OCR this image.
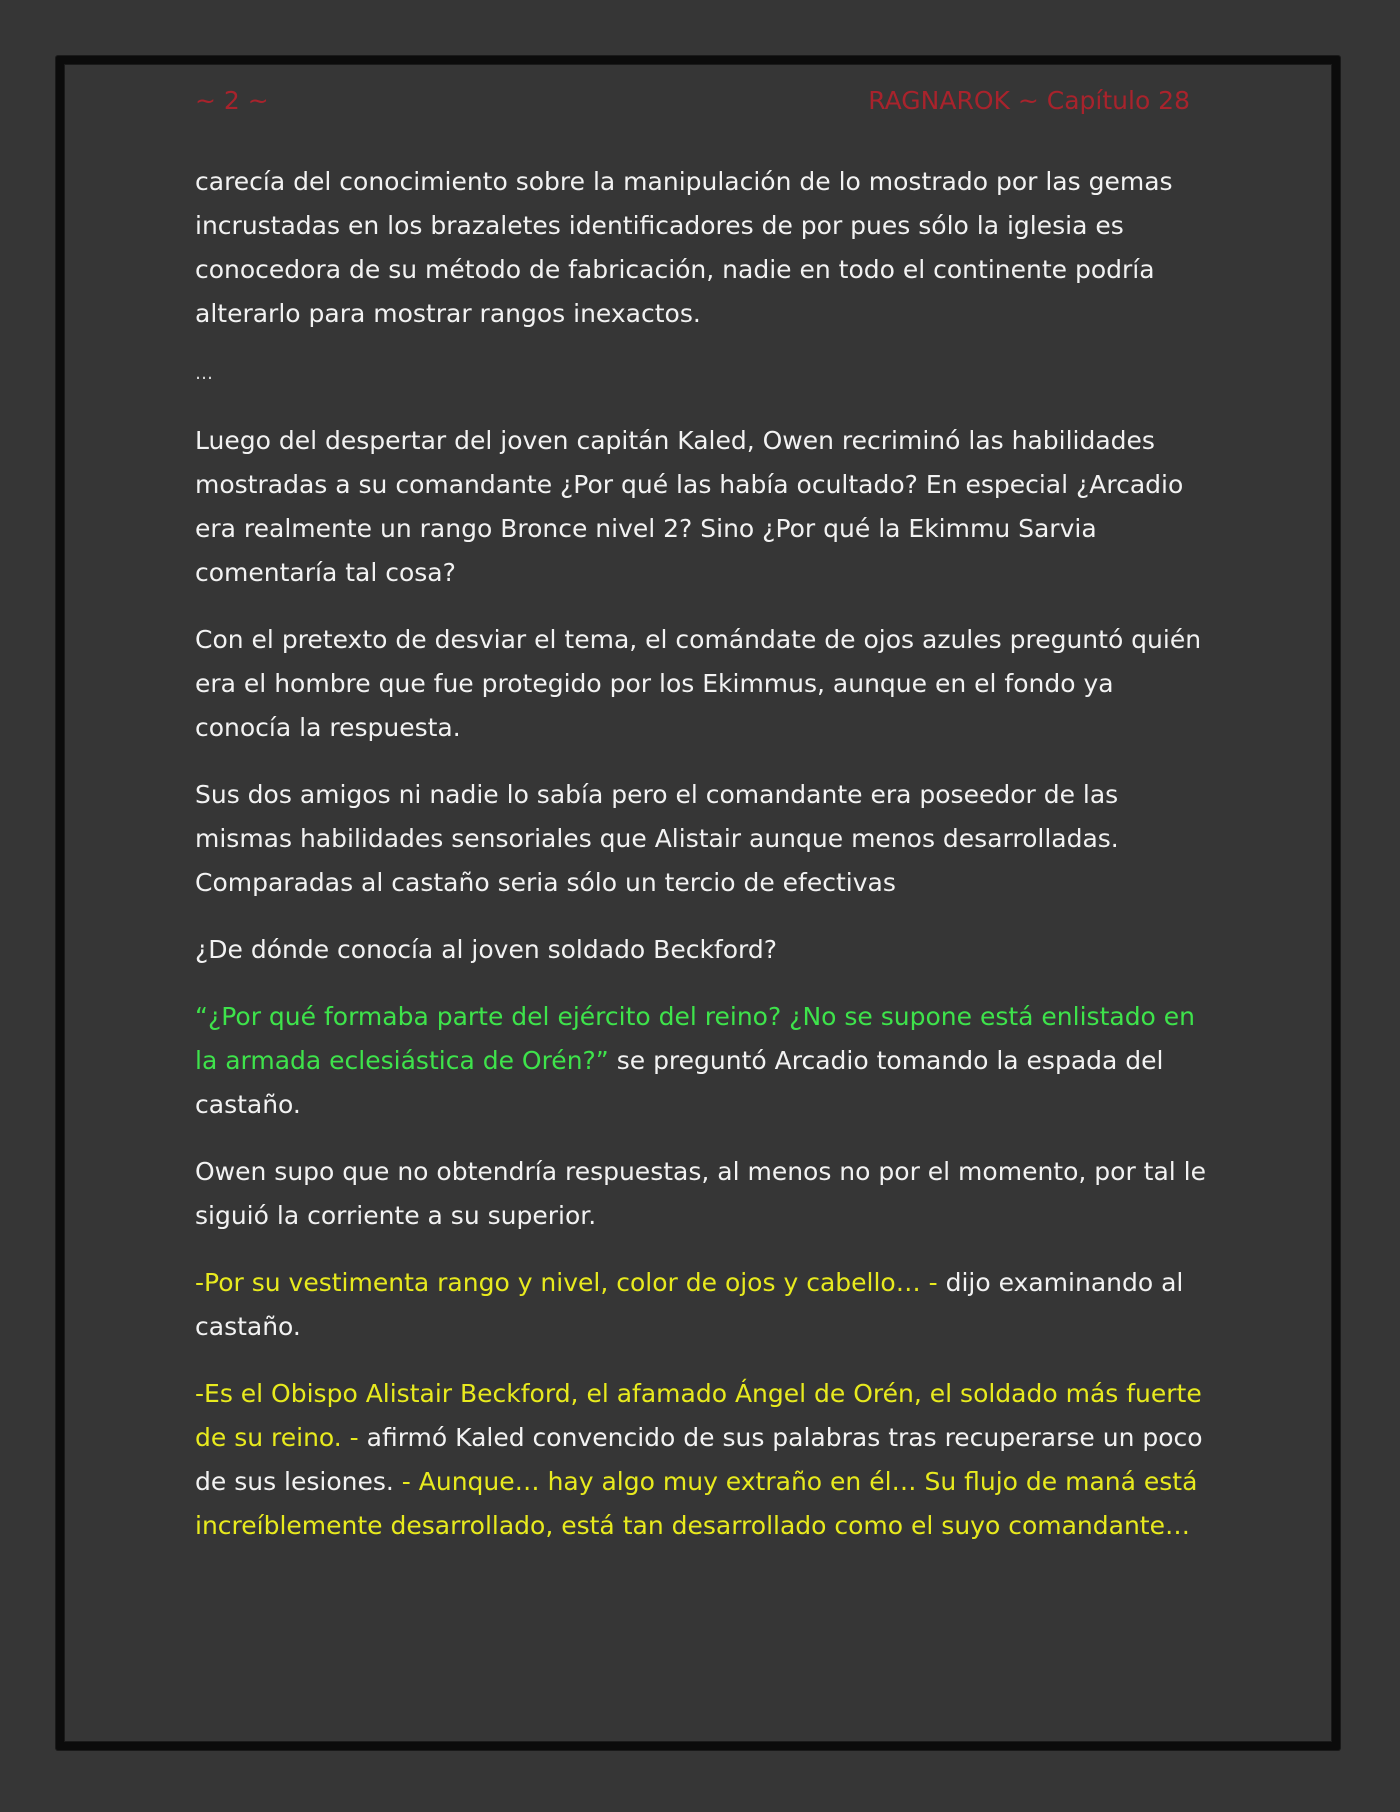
~ 2 ~	RAGNAROK ~ Capítulo 28

carecía del conocimiento sobre la manipulación de lo mostrado por las gemas incrustadas en los brazaletes identificadores de por pues sólo la iglesia es conocedora de su método de fabricación, nadie en todo el continente podría alterarlo para mostrar rangos inexactos.

…

Luego del despertar del joven capitán Kaled, Owen recriminó las habilidades mostradas a su comandante ¿Por qué las había ocultado? En especial ¿Arcadio era realmente un rango Bronce nivel 2? Sino ¿Por qué la Ekimmu Sarvia comentaría tal cosa?

Con el pretexto de desviar el tema, el comándate de ojos azules preguntó quién era el hombre que fue protegido por los Ekimmus, aunque en el fondo ya conocía la respuesta.

Sus dos amigos ni nadie lo sabía pero el comandante era poseedor de las mismas habilidades sensoriales que Alistair aunque menos desarrolladas. Comparadas al castaño seria sólo un tercio de efectivas

¿De dónde conocía al joven soldado Beckford?

“¿Por qué formaba parte del ejército del reino? ¿No se supone está enlistado en la armada eclesiástica de Orén?” se preguntó Arcadio tomando la espada del castaño.

Owen supo que no obtendría respuestas, al menos no por el momento, por tal le siguió la corriente a su superior.

-Por su vestimenta rango y nivel, color de ojos y cabello… - dijo examinando al castaño.

-Es el Obispo Alistair Beckford, el afamado Ángel de Orén, el soldado más fuerte de su reino. - afirmó Kaled convencido de sus palabras tras recuperarse un poco de sus lesiones. - Aunque… hay algo muy extraño en él… Su flujo de maná está increíblemente desarrollado, está tan desarrollado como el suyo comandante…
